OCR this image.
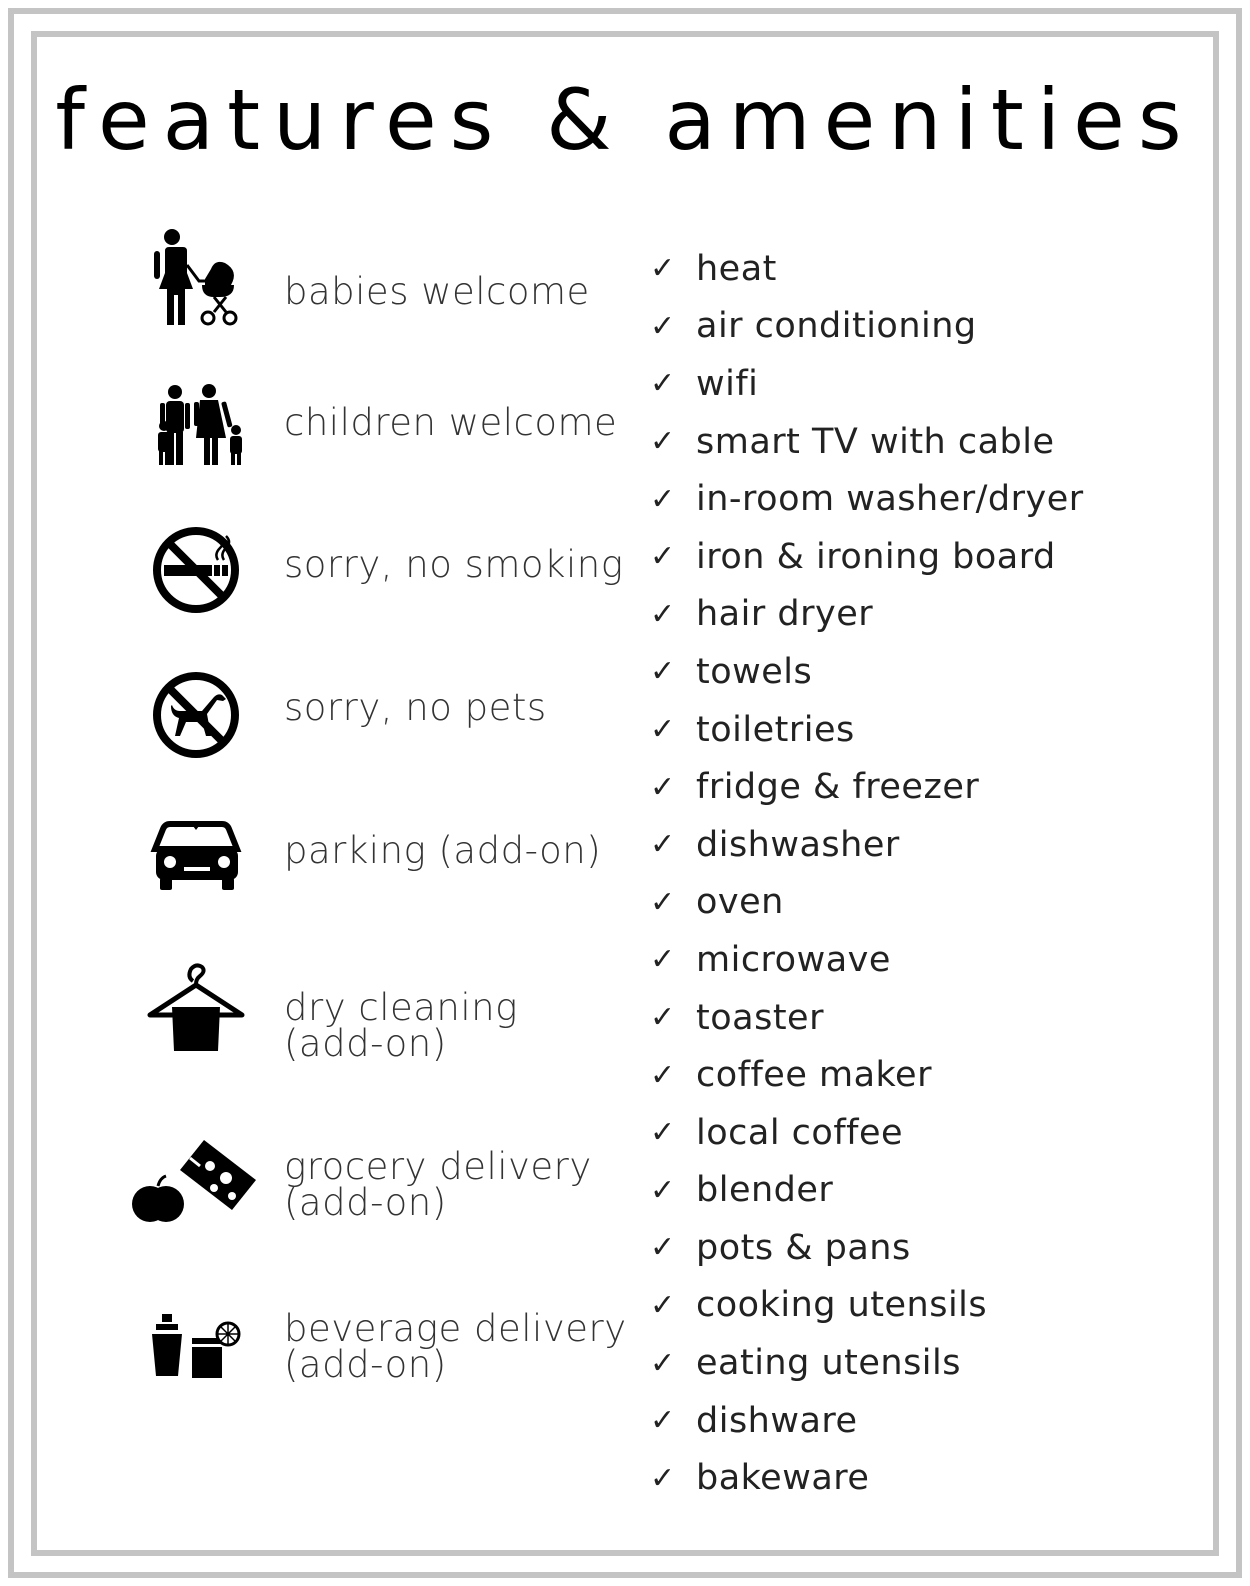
features & amenities
babies welcome
children welcome
sorry, no smoking
sorry, no pets
parking (add-on)
dry cleaning
(add-on)
grocery delivery
(add-on)
beverage delivery
(add-on)
✓ heat
✓ air conditioning
✓ wifi
✓ smart TV with cable
✓ in-room washer/dryer
✓ iron & ironing board
✓ hair dryer
✓ towels
✓ toiletries
✓ fridge & freezer
✓ dishwasher
✓ oven
✓ microwave
✓ toaster
✓ coffee maker
✓ local coffee
✓ blender
✓ pots & pans
✓ cooking utensils
✓ eating utensils
✓ dishware
✓ bakeware
